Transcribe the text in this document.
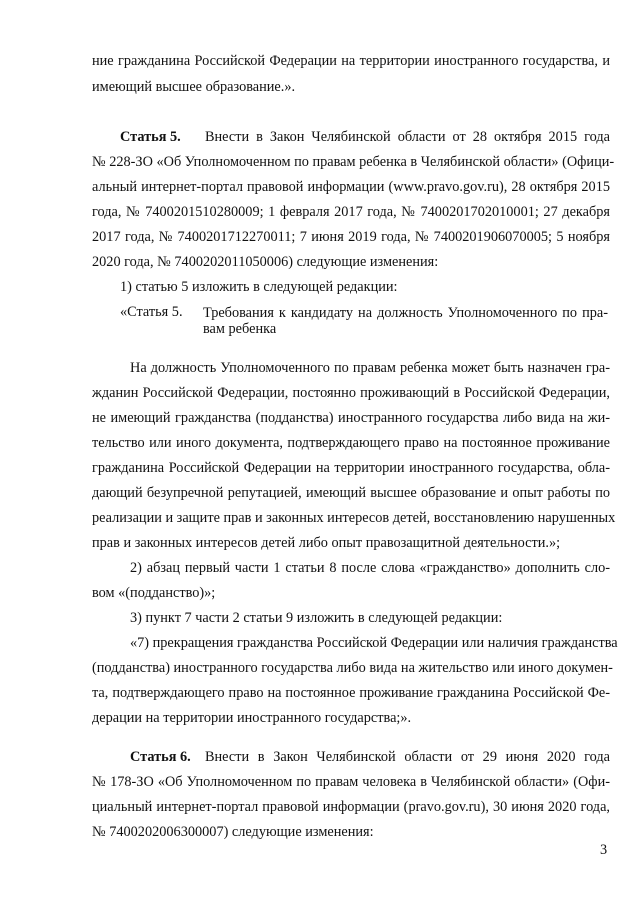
ние гражданина Российской Федерации на территории иностранного государства, и
имеющий высшее образование.».
Статья 5.	Внести в Закон Челябинской области от 28 октября 2015 года
№ 228-ЗО «Об Уполномоченном по правам ребенка в Челябинской области» (Офици-
альный интернет-портал правовой информации (www.pravo.gov.ru), 28 октября 2015
года, № 7400201510280009; 1 февраля 2017 года, № 7400201702010001; 27 декабря
2017 года, № 7400201712270011; 7 июня 2019 года, № 7400201906070005; 5 ноября
2020 года, № 7400202011050006) следующие изменения:
1) статью 5 изложить в следующей редакции:
«Статья 5. Требования к кандидату на должность Уполномоченного по пра-
вам ребенка
На должность Уполномоченного по правам ребенка может быть назначен гра-
жданин Российской Федерации, постоянно проживающий в Российской Федерации,
не имеющий гражданства (подданства) иностранного государства либо вида на жи-
тельство или иного документа, подтверждающего право на постоянное проживание
гражданина Российской Федерации на территории иностранного государства, обла-
дающий безупречной репутацией, имеющий высшее образование и опыт работы по
реализации и защите прав и законных интересов детей, восстановлению нарушенных
прав и законных интересов детей либо опыт правозащитной деятельности.»;
2) абзац первый части 1 статьи 8 после слова «гражданство» дополнить сло-
вом «(подданство)»;
3) пункт 7 части 2 статьи 9 изложить в следующей редакции:
«7) прекращения гражданства Российской Федерации или наличия гражданства
(подданства) иностранного государства либо вида на жительство или иного докумен-
та, подтверждающего право на постоянное проживание гражданина Российской Фе-
дерации на территории иностранного государства;».
Статья 6. Внести в Закон Челябинской области от 29 июня 2020 года
№ 178-ЗО «Об Уполномоченном по правам человека в Челябинской области» (Офи-
циальный интернет-портал правовой информации (pravo.gov.ru), 30 июня 2020 года,
№ 7400202006300007) следующие изменения:
3
